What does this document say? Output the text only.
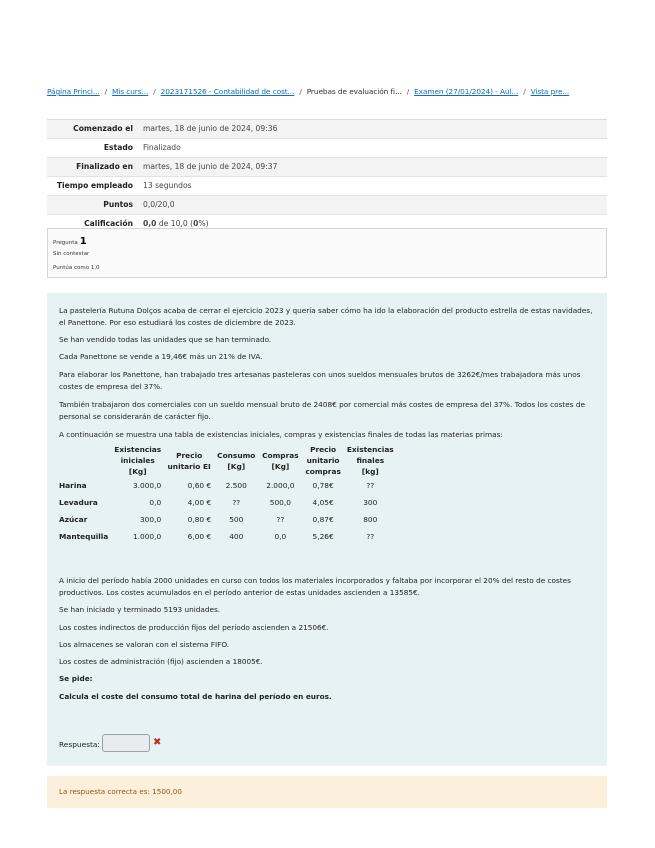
Página Princi... / Mis curs... / 2023171526 - Contabilidad de cost... / Pruebas de evaluación fi... / Examen (27/01/2024) - Aul... / Vista pre...
Comenzado el	martes, 18 de junio de 2024, 09:36
Estado	Finalizado
Finalizado en	martes, 18 de junio de 2024, 09:37
Tiempo empleado	13 segundos
Puntos	0,0/20,0
Calificación	0,0 de 10,0 (0%)
Pregunta 1
Sin contestar
Puntúa como 1,0

La pastelería Rutuna Dolços acaba de cerrar el ejercicio 2023 y quería saber cómo ha ido la elaboración del producto estrella de estas navidades, el Panettone. Por eso estudiará los costes de diciembre de 2023.

Se han vendido todas las unidades que se han terminado.

Cada Panettone se vende a 19,46€ más un 21% de IVA.

Para elaborar los Panettone, han trabajado tres artesanas pasteleras con unos sueldos mensuales brutos de 3262€/mes trabajadora más unos costes de empresa del 37%.

También trabajaron dos comerciales con un sueldo mensual bruto de 2408€ por comercial más costes de empresa del 37%. Todos los costes de personal se considerarán de carácter fijo.

A continuación se muestra una tabla de existencias iniciales, compras y existencias finales de todas las materias primas:

	Existencias iniciales [Kg]	Precio unitario EI	Consumo [Kg]	Compras [Kg]	Precio unitario compras	Existencias finales [kg]
Harina	3.000,0	0,60 €	2.500	2.000,0	0,78€	??
Levadura	0,0	4,00 €	??	500,0	4,05€	300
Azúcar	300,0	0,80 €	500	??	0,87€	800
Mantequilla	1.000,0	6,00 €	400	0,0	5,26€	??

A inicio del período había 2000 unidades en curso con todos los materiales incorporados y faltaba por incorporar el 20% del resto de costes productivos. Los costes acumulados en el período anterior de estas unidades ascienden a 13585€.

Se han iniciado y terminado 5193 unidades.

Los costes indirectos de producción fijos del período ascienden a 21506€.

Los almacenes se valoran con el sistema FIFO.

Los costes de administración (fijo) ascienden a 18005€.

Se pide:

Calcula el coste del consumo total de harina del período en euros.

Respuesta:	✖
La respuesta correcta es: 1500,00
